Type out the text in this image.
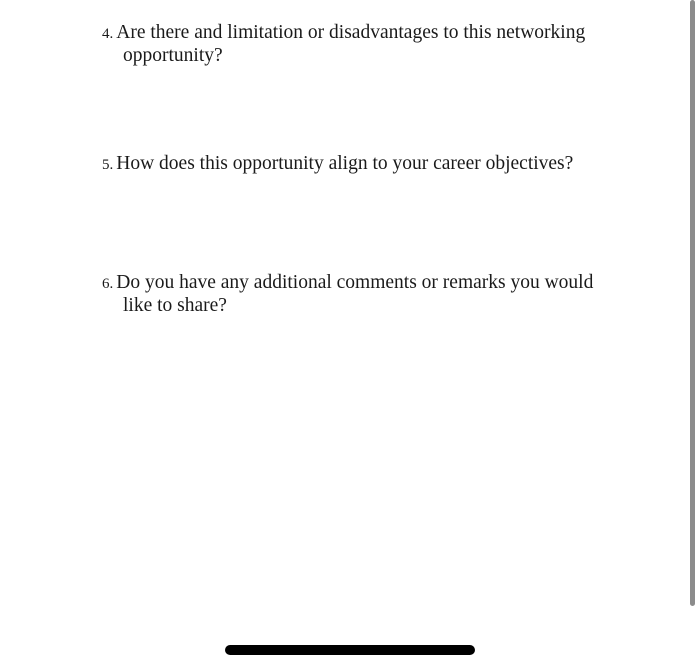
4. Are there and limitation or disadvantages to this networking
opportunity?
5. How does this opportunity align to your career objectives?
6. Do you have any additional comments or remarks you would
like to share?
